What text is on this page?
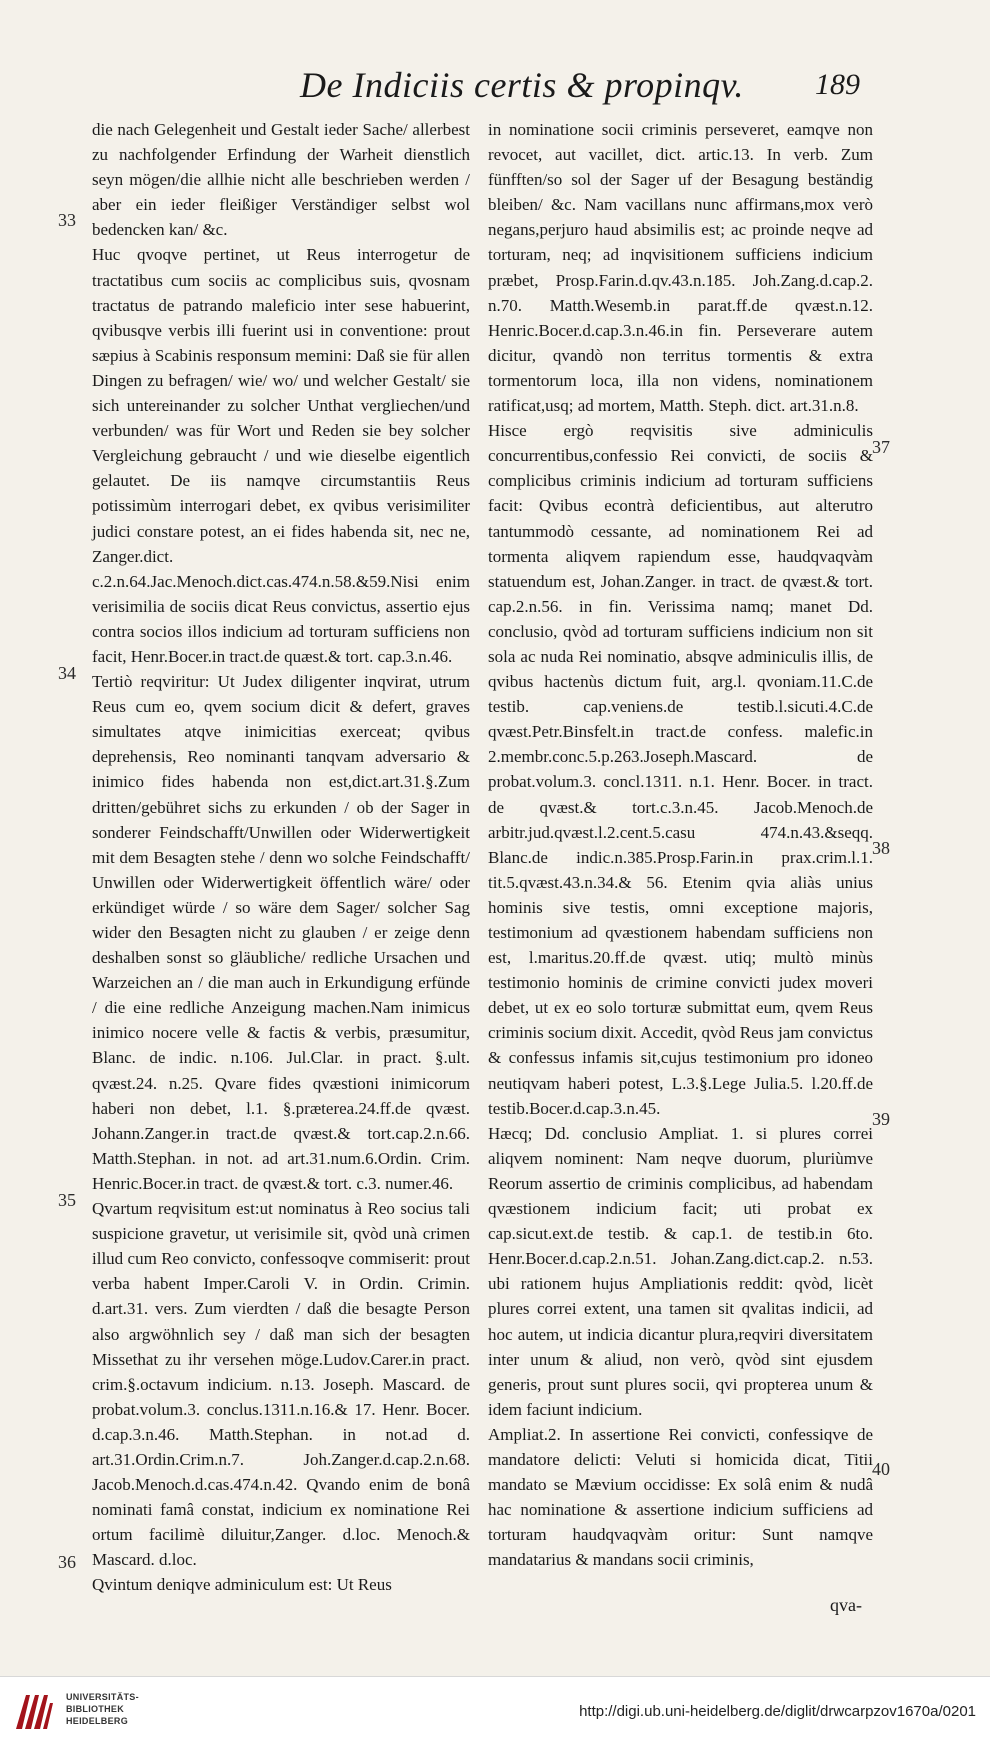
De Indiciis certis & propinqv. 189

die nach Gelegenheit und Gestalt ieder Sache/ allerbest zu nachfolgender Erfindung der Warheit dienstlich seyn mögen/die allhie nicht alle beschrieben werden / aber ein ieder fleißiger Verständiger selbst wol bedencken kan/ &c.
Huc qvoqve pertinet, ut Reus interrogetur de tractatibus cum sociis ac complicibus suis, qvosnam tractatus de patrando maleficio inter sese habuerint, qvibusqve verbis illi fuerint usi in conventione: prout sæpius à Scabinis responsum memini: Daß sie für allen Dingen zu befragen/ wie/ wo/ und welcher Gestalt/ sie sich untereinander zu solcher Unthat vergliechen/und verbunden/ was für Wort und Reden sie bey solcher Vergleichung gebraucht / und wie dieselbe eigentlich gelautet. De iis namqve circumstantiis Reus potissimùm interrogari debet, ex qvibus verisimiliter judici constare potest, an ei fides habenda sit, nec ne, Zanger.dict. c.2.n.64.Jac.Menoch.dict.cas.474.n.58.&59.Nisi enim verisimilia de sociis dicat Reus convictus, assertio ejus contra socios illos indicium ad torturam sufficiens non facit, Henr.Bocer.in tract.de quæst.& tort. cap.3.n.46.
Tertiò reqviritur: Ut Judex diligenter inqvirat, utrum Reus cum eo, qvem socium dicit & defert, graves simultates atqve inimicitias exerceat; qvibus deprehensis, Reo nominanti tanqvam adversario & inimico fides habenda non est,dict.art.31.§.Zum dritten/gebühret sichs zu erkunden / ob der Sager in sonderer Feindschafft/Unwillen oder Widerwertigkeit mit dem Besagten stehe / denn wo solche Feindschafft/ Unwillen oder Widerwertigkeit öffentlich wäre/ oder erkündiget würde / so wäre dem Sager/ solcher Sag wider den Besagten nicht zu glauben / er zeige denn deshalben sonst so gläubliche/ redliche Ursachen und Warzeichen an / die man auch in Erkundigung erfünde / die eine redliche Anzeigung machen.Nam inimicus inimico nocere velle & factis & verbis, præsumitur, Blanc. de indic. n.106. Jul.Clar. in pract. §.ult. qvæst.24. n.25. Qvare fides qvæstioni inimicorum haberi non debet, l.1. §.præterea.24.ff.de qvæst. Johann.Zanger.in tract.de qvæst.& tort.cap.2.n.66. Matth.Stephan. in not. ad art.31.num.6.Ordin. Crim. Henric.Bocer.in tract. de qvæst.& tort. c.3. numer.46.
Qvartum reqvisitum est:ut nominatus à Reo socius tali suspicione gravetur, ut verisimile sit, qvòd unà crimen illud cum Reo convicto, confessoqve commiserit: prout verba habent Imper.Caroli V. in Ordin. Crimin. d.art.31. vers. Zum vierdten / daß die besagte Person also argwöhnlich sey / daß man sich der besagten Missethat zu ihr versehen möge.Ludov.Carer.in pract. crim.§.octavum indicium. n.13. Joseph. Mascard. de probat.volum.3. conclus.1311.n.16.& 17. Henr. Bocer. d.cap.3.n.46. Matth.Stephan. in not.ad d. art.31.Ordin.Crim.n.7. Joh.Zanger.d.cap.2.n.68. Jacob.Menoch.d.cas.474.n.42. Qvando enim de bonâ nominati famâ constat, indicium ex nominatione Rei ortum facilimè diluitur,Zanger. d.loc. Menoch.& Mascard. d.loc.
Qvintum deniqve adminiculum est: Ut Reus

in nominatione socii criminis perseveret, eamqve non revocet, aut vacillet, dict. artic.13. In verb. Zum fünfften/so sol der Sager uf der Besagung beständig bleiben/ &c. Nam vacillans nunc affirmans,mox verò negans,perjuro haud absimilis est; ac proinde neqve ad torturam, neq; ad inqvisitionem sufficiens indicium præbet, Prosp.Farin.d.qv.43.n.185. Joh.Zang.d.cap.2. n.70. Matth.Wesemb.in parat.ff.de qvæst.n.12. Henric.Bocer.d.cap.3.n.46.in fin. Perseverare autem dicitur, qvandò non territus tormentis & extra tormentorum loca, illa non videns, nominationem ratificat,usq; ad mortem, Matth. Steph. dict. art.31.n.8.
Hisce ergò reqvisitis sive adminiculis concurrentibus,confessio Rei convicti, de sociis & complicibus criminis indicium ad torturam sufficiens facit: Qvibus econtrà deficientibus, aut alterutro tantummodò cessante, ad nominationem Rei ad tormenta aliqvem rapiendum esse, haudqvaqvàm statuendum est, Johan.Zanger. in tract. de qvæst.& tort. cap.2.n.56. in fin. Verissima namq; manet Dd. conclusio, qvòd ad torturam sufficiens indicium non sit sola ac nuda Rei nominatio, absqve adminiculis illis, de qvibus hactenùs dictum fuit, arg.l. qvoniam.11.C.de testib. cap.veniens.de testib.l.sicuti.4.C.de qvæst.Petr.Binsfelt.in tract.de confess. malefic.in 2.membr.conc.5.p.263.Joseph.Mascard. de probat.volum.3. concl.1311. n.1. Henr. Bocer. in tract. de qvæst.& tort.c.3.n.45. Jacob.Menoch.de arbitr.jud.qvæst.l.2.cent.5.casu 474.n.43.&seqq. Blanc.de indic.n.385.Prosp.Farin.in prax.crim.l.1. tit.5.qvæst.43.n.34.& 56. Etenim qvia aliàs unius hominis sive testis, omni exceptione majoris, testimonium ad qvæstionem habendam sufficiens non est, l.maritus.20.ff.de qvæst. utiq; multò minùs testimonio hominis de crimine convicti judex moveri debet, ut ex eo solo torturæ submittat eum, qvem Reus criminis socium dixit. Accedit, qvòd Reus jam convictus & confessus infamis sit,cujus testimonium pro idoneo neutiqvam haberi potest, L.3.§.Lege Julia.5. l.20.ff.de testib.Bocer.d.cap.3.n.45.
Hæcq; Dd. conclusio Ampliat. 1. si plures correi aliqvem nominent: Nam neqve duorum, pluriùmve Reorum assertio de criminis complicibus, ad habendam qvæstionem indicium facit; uti probat ex cap.sicut.ext.de testib. & cap.1. de testib.in 6to. Henr.Bocer.d.cap.2.n.51. Johan.Zang.dict.cap.2. n.53. ubi rationem hujus Ampliationis reddit: qvòd, licèt plures correi extent, una tamen sit qvalitas indicii, ad hoc autem, ut indicia dicantur plura,reqviri diversitatem inter unum & aliud, non verò, qvòd sint ejusdem generis, prout sunt plures socii, qvi propterea unum & idem faciunt indicium.
Ampliat.2. In assertione Rei convicti, confessiqve de mandatore delicti: Veluti si homicida dicat, Titii mandato se Mævium occidisse: Ex solâ enim & nudâ hac nominatione & assertione indicium sufficiens ad torturam haudqvaqvàm oritur: Sunt namqve mandatarius & mandans socii criminis,

33
34
35
36
37
38
39
40
qva-
UNIVERSITÄTS-
BIBLIOTHEK
HEIDELBERG
http://digi.ub.uni-heidelberg.de/diglit/drwcarpzov1670a/0201
